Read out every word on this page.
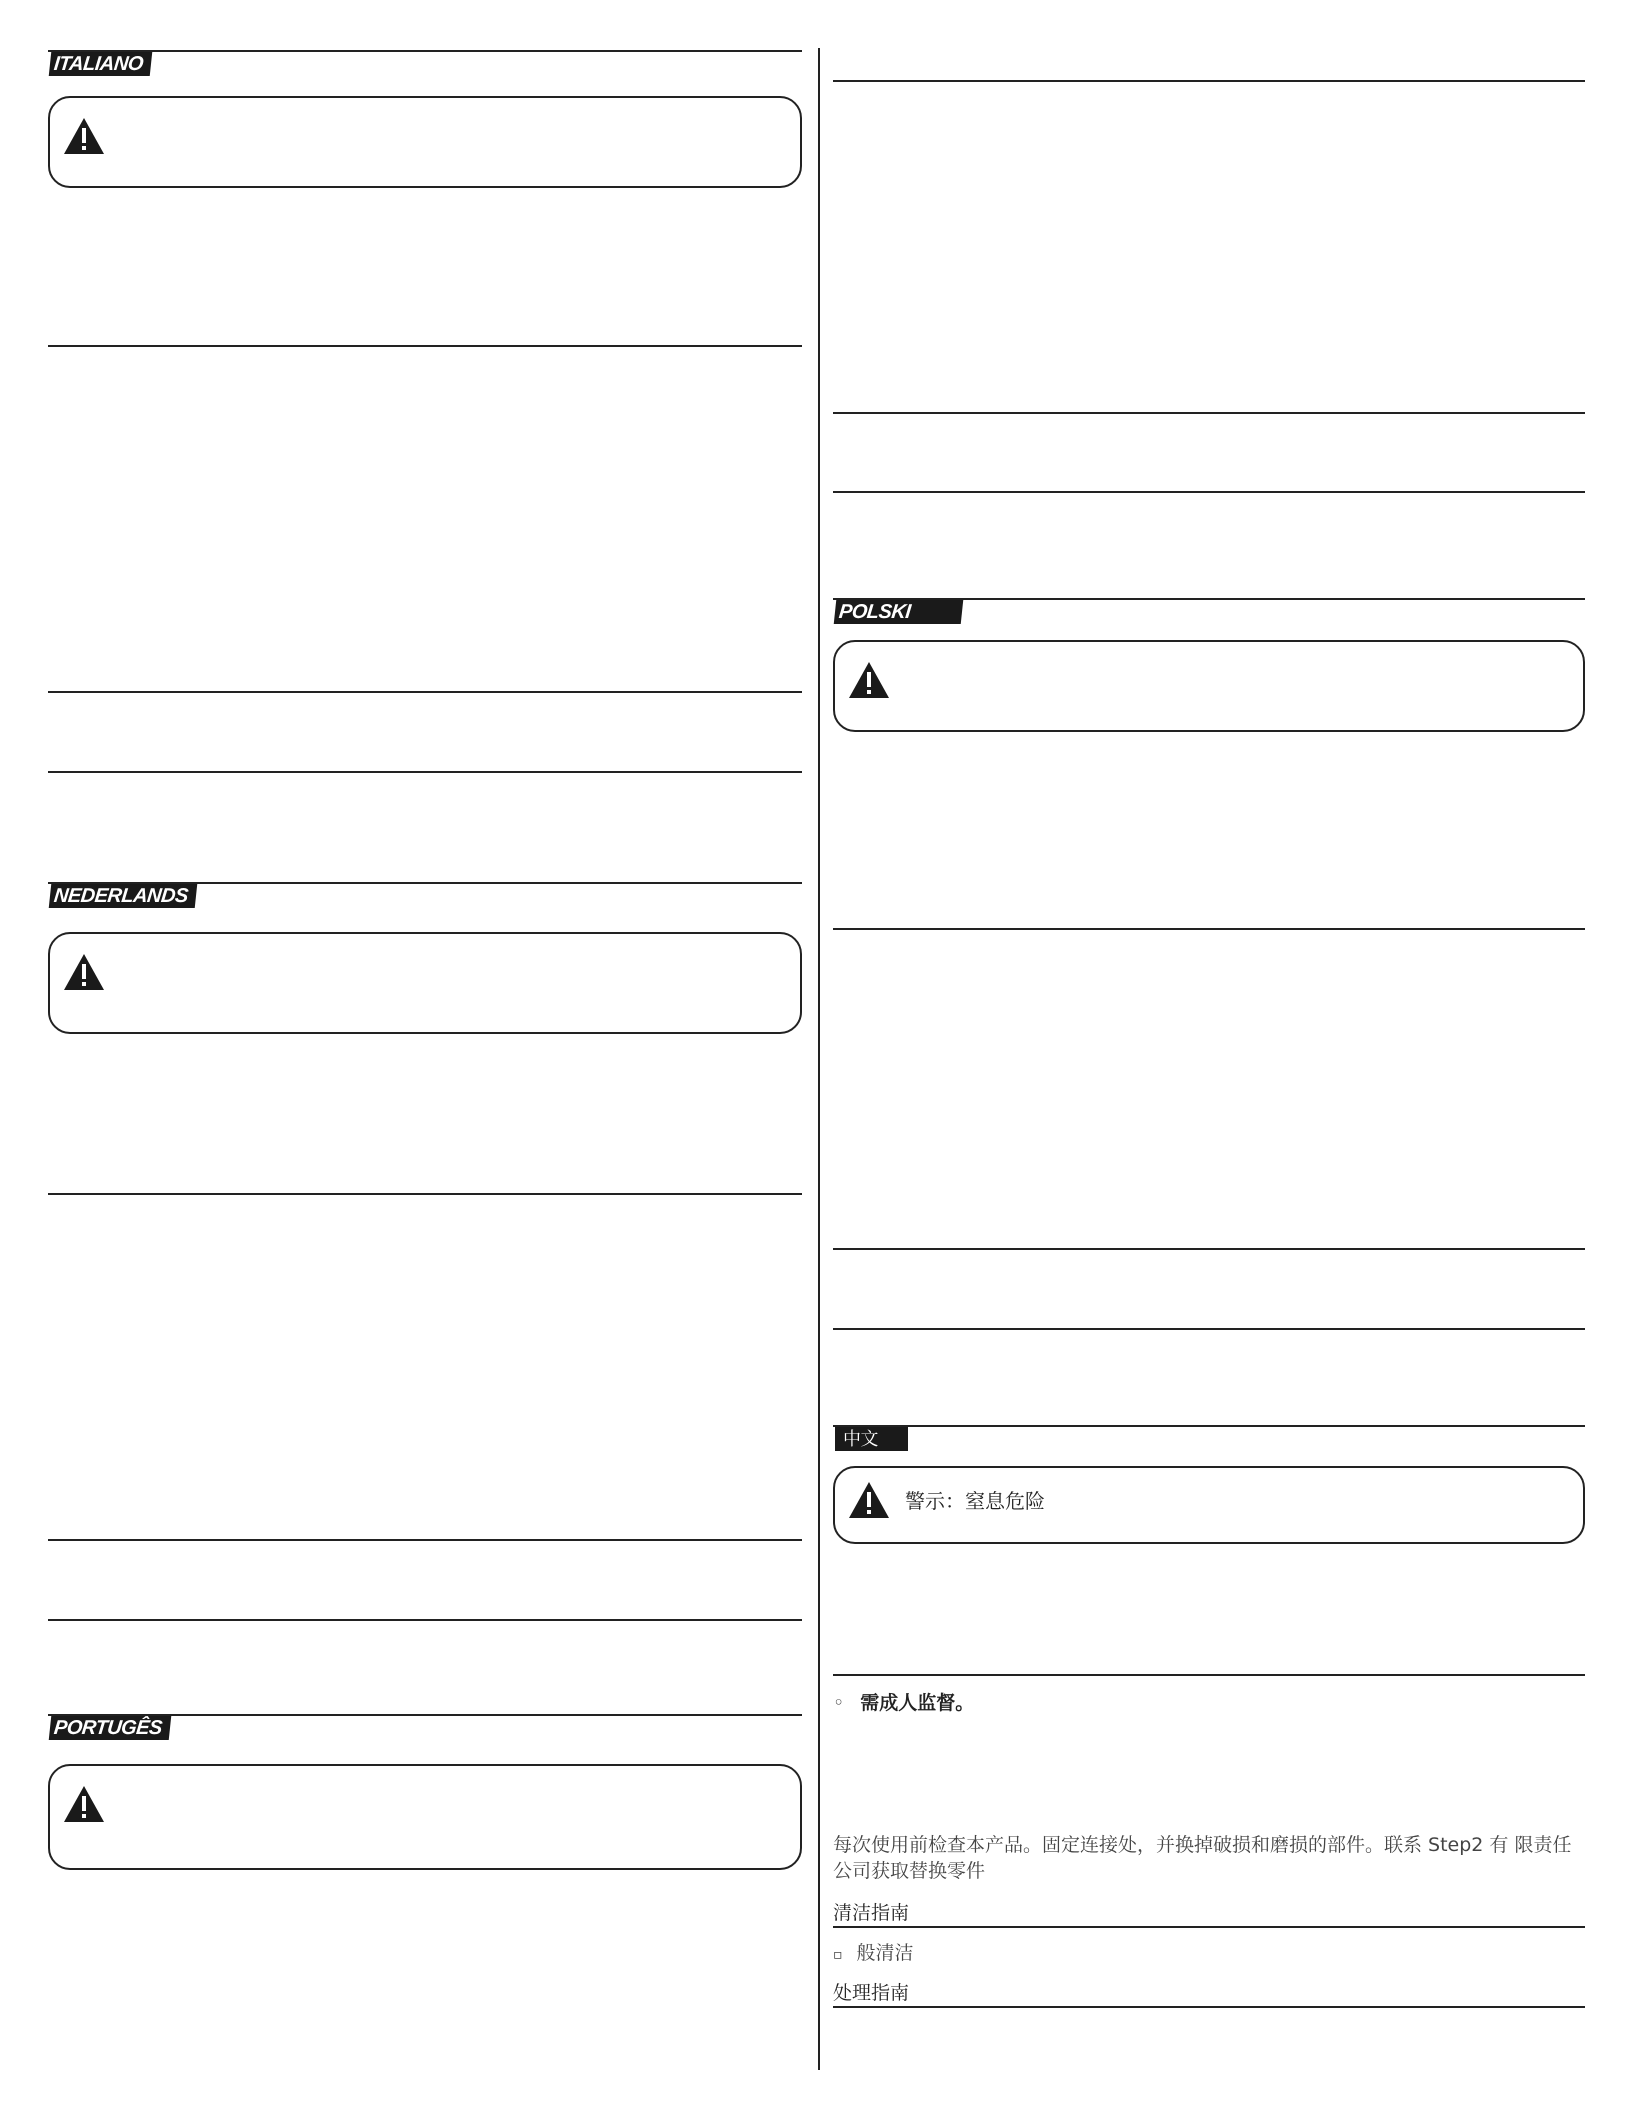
ITALIANO
NEDERLANDS
PORTUGÊS
POLSKI
中文
警示：窒息危险
◦ 需成人监督。
每次使用前检查本产品。固定连接处，并换掉破损和磨损的部件。联系 Step2 有 限责任公司获取替换零件
清洁指南
▫ 般清洁
处理指南
